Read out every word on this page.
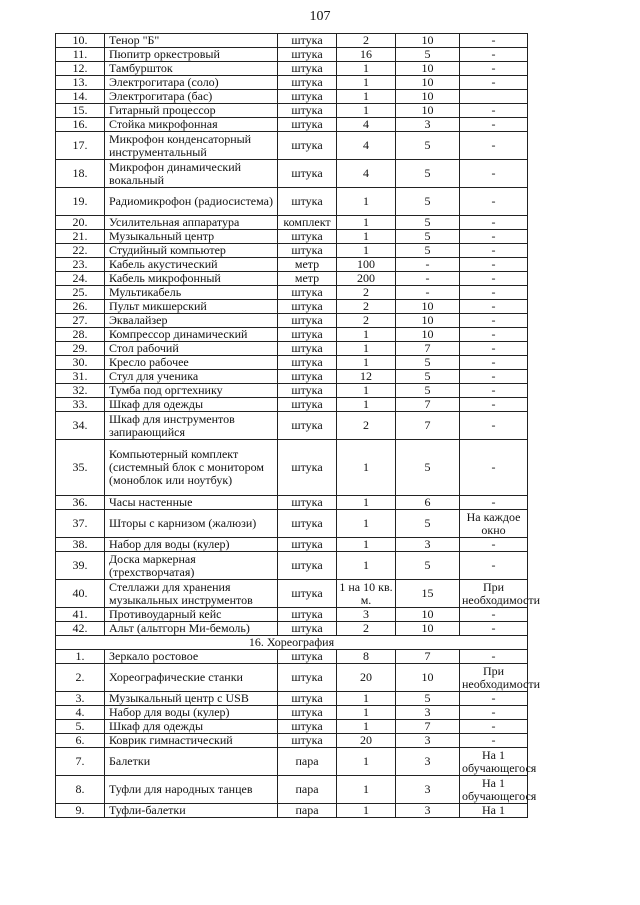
107
10.	Тенор "Б"	штука	2	10	-
11.	Пюпитр оркестровый	штука	16	5	-
12.	Тамбуршток	штука	1	10	-
13.	Электрогитара (соло)	штука	1	10	-
14.	Электрогитара (бас)	штука	1	10	
15.	Гитарный процессор	штука	1	10	-
16.	Стойка микрофонная	штука	4	3	-
17.	Микрофон конденсаторный инструментальный	штука	4	5	-
18.	Микрофон динамический вокальный	штука	4	5	-
19.	Радиомикрофон (радиосистема)	штука	1	5	-
20.	Усилительная аппаратура	комплект	1	5	-
21.	Музыкальный центр	штука	1	5	-
22.	Студийный компьютер	штука	1	5	-
23.	Кабель акустический	метр	100	-	-
24.	Кабель микрофонный	метр	200	-	-
25.	Мультикабель	штука	2	-	-
26.	Пульт микшерский	штука	2	10	-
27.	Эквалайзер	штука	2	10	-
28.	Компрессор динамический	штука	1	10	-
29.	Стол рабочий	штука	1	7	-
30.	Кресло рабочее	штука	1	5	-
31.	Стул для ученика	штука	12	5	-
32.	Тумба под оргтехнику	штука	1	5	-
33.	Шкаф для одежды	штука	1	7	-
34.	Шкаф для инструментов запирающийся	штука	2	7	-
35.	Компьютерный комплект (системный блок с монитором (моноблок или ноутбук)	штука	1	5	-
36.	Часы настенные	штука	1	6	-
37.	Шторы с карнизом (жалюзи)	штука	1	5	На каждое окно
38.	Набор для воды (кулер)	штука	1	3	-
39.	Доска маркерная (трехстворчатая)	штука	1	5	-
40.	Стеллажи для хранения музыкальных инструментов	штука	1 на 10 кв. м.	15	При необходимости
41.	Противоударный кейс	штука	3	10	-
42.	Альт (альтгорн Ми-бемоль)	штука	2	10	-
16. Хореография					
1.	Зеркало ростовое	штука	8	7	-
2.	Хореографические станки	штука	20	10	При необходимости
3.	Музыкальный центр с USB	штука	1	5	-
4.	Набор для воды (кулер)	штука	1	3	-
5.	Шкаф для одежды	штука	1	7	-
6.	Коврик гимнастический	штука	20	3	-
7.	Балетки	пара	1	3	На 1 обучающегося
8.	Туфли для народных танцев	пара	1	3	На 1 обучающегося
9.	Туфли-балетки	пара	1	3	На 1
